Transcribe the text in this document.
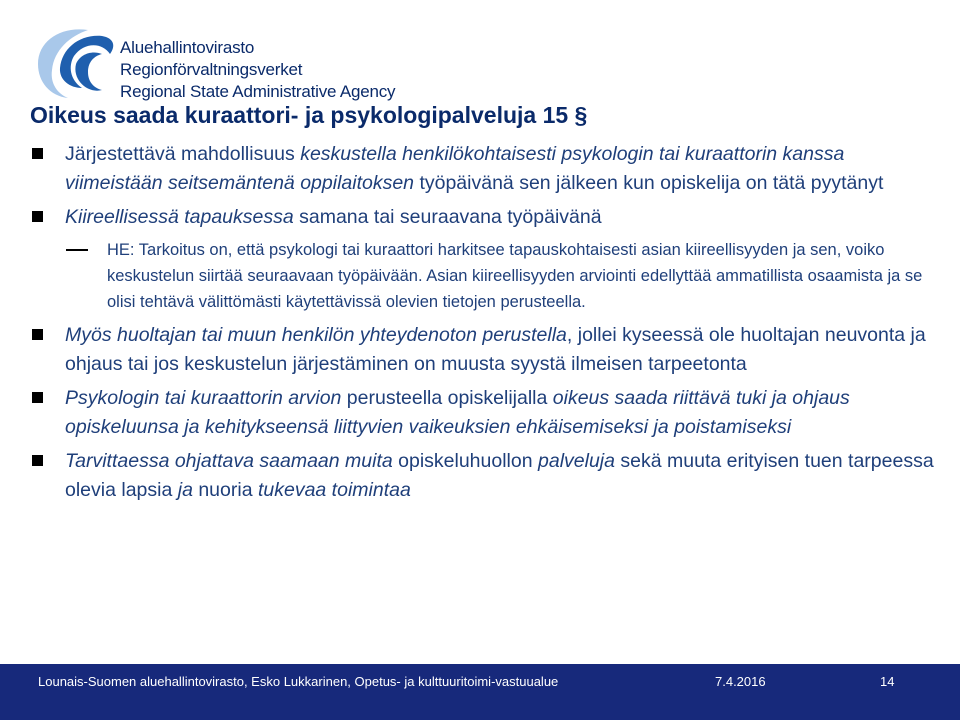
Aluehallintovirasto
Regionförvaltningsverket
Regional State Administrative Agency
Oikeus saada kuraattori- ja psykologipalveluja 15 §
Järjestettävä mahdollisuus keskustella henkilökohtaisesti psykologin tai kuraattorin kanssa viimeistään seitsemäntenä oppilaitoksen työpäivänä sen jälkeen kun opiskelija on tätä pyytänyt
Kiireellisessä tapauksessa samana tai seuraavana työpäivänä
HE: Tarkoitus on, että psykologi tai kuraattori harkitsee tapauskohtaisesti asian kiireellisyyden ja sen, voiko keskustelun siirtää seuraavaan työpäivään. Asian kiireellisyyden arviointi edellyttää ammatillista osaamista ja se olisi tehtävä välittömästi käytettävissä olevien tietojen perusteella.
Myös huoltajan tai muun henkilön yhteydenoton perustella, jollei kyseessä ole huoltajan neuvonta ja ohjaus tai jos keskustelun järjestäminen on muusta syystä ilmeisen tarpeetonta
Psykologin tai kuraattorin arvion perusteella opiskelijalla oikeus saada riittävä tuki ja ohjaus opiskeluunsa ja kehitykseensä liittyvien vaikeuksien ehkäisemiseksi ja poistamiseksi
Tarvittaessa ohjattava saamaan muita opiskeluhuollon palveluja sekä muuta erityisen tuen tarpeessa olevia lapsia ja nuoria tukevaa toimintaa
Lounais-Suomen aluehallintovirasto, Esko Lukkarinen, Opetus- ja kulttuuritoimi-vastuualue	7.4.2016	14
